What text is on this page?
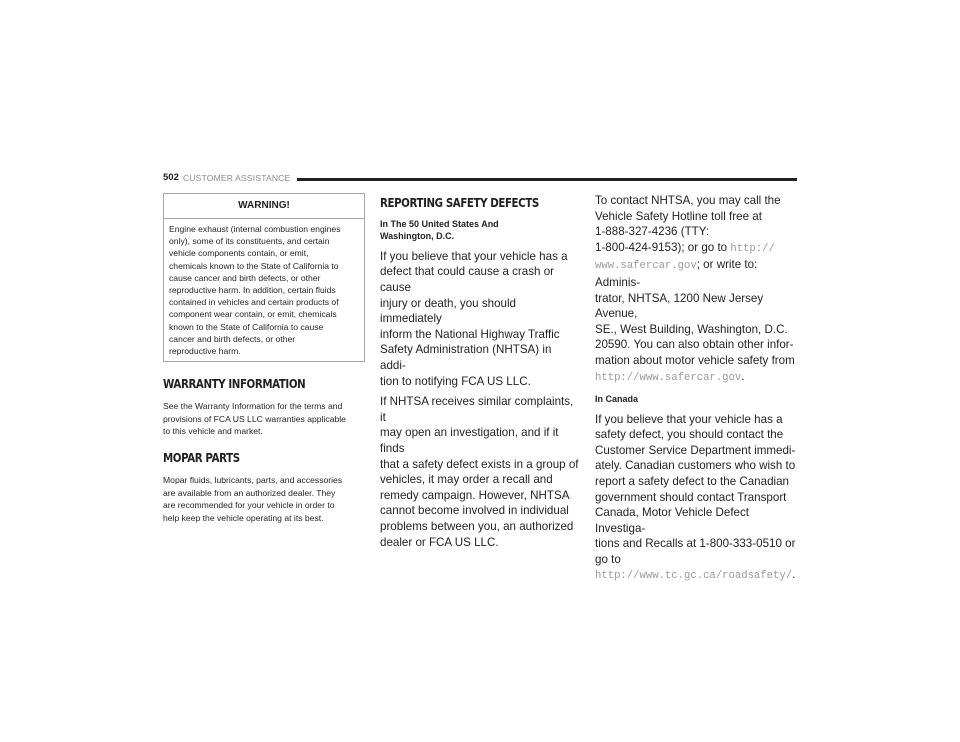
502 CUSTOMER ASSISTANCE
WARNING!
Engine exhaust (internal combustion engines
only), some of its constituents, and certain
vehicle components contain, or emit,
chemicals known to the State of California to
cause cancer and birth defects, or other
reproductive harm. In addition, certain fluids
contained in vehicles and certain products of
component wear contain, or emit, chemicals
known to the State of California to cause
cancer and birth defects, or other
reproductive harm.
WARRANTY INFORMATION
See the Warranty Information for the terms and
provisions of FCA US LLC warranties applicable
to this vehicle and market.
MOPAR PARTS
Mopar fluids, lubricants, parts, and accessories
are available from an authorized dealer. They
are recommended for your vehicle in order to
help keep the vehicle operating at its best.
REPORTING SAFETY DEFECTS
In The 50 United States And
Washington, D.C.
If you believe that your vehicle has a
defect that could cause a crash or cause
injury or death, you should immediately
inform the National Highway Traffic
Safety Administration (NHTSA) in addi-
tion to notifying FCA US LLC.
If NHTSA receives similar complaints, it
may open an investigation, and if it finds
that a safety defect exists in a group of
vehicles, it may order a recall and
remedy campaign. However, NHTSA
cannot become involved in individual
problems between you, an authorized
dealer or FCA US LLC.
To contact NHTSA, you may call the
Vehicle Safety Hotline toll free at
1-888-327-4236 (TTY:
1-800-424-9153); or go to http://
www.safercar.gov; or write to: Adminis-
trator, NHTSA, 1200 New Jersey Avenue,
SE., West Building, Washington, D.C.
20590. You can also obtain other infor-
mation about motor vehicle safety from
http://www.safercar.gov.
In Canada
If you believe that your vehicle has a
safety defect, you should contact the
Customer Service Department immedi-
ately. Canadian customers who wish to
report a safety defect to the Canadian
government should contact Transport
Canada, Motor Vehicle Defect Investiga-
tions and Recalls at 1-800-333-0510 or
go to http://www.tc.gc.ca/roadsafety/.
